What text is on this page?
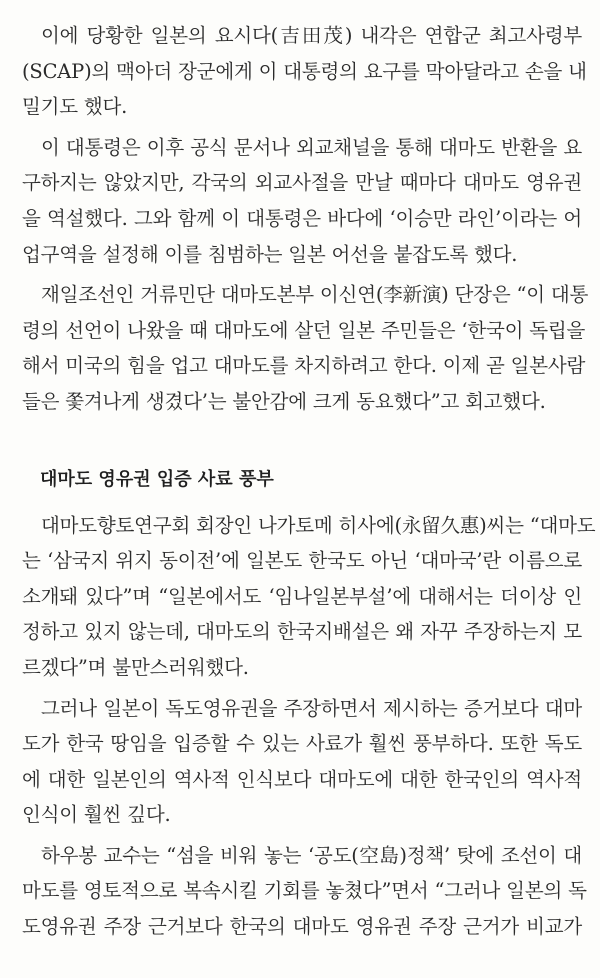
이에 당황한 일본의 요시다(吉田茂) 내각은 연합군 최고사령부
(SCAP)의 맥아더 장군에게 이 대통령의 요구를 막아달라고 손을 내
밀기도 했다.
이 대통령은 이후 공식 문서나 외교채널을 통해 대마도 반환을 요
구하지는 않았지만, 각국의 외교사절을 만날 때마다 대마도 영유권
을 역설했다. 그와 함께 이 대통령은 바다에 ‘이승만 라인’이라는 어
업구역을 설정해 이를 침범하는 일본 어선을 붙잡도록 했다.
재일조선인 거류민단 대마도본부 이신연(李新演) 단장은 “이 대통
령의 선언이 나왔을 때 대마도에 살던 일본 주민들은 ‘한국이 독립을
해서 미국의 힘을 업고 대마도를 차지하려고 한다. 이제 곧 일본사람
들은 쫓겨나게 생겼다’는 불안감에 크게 동요했다”고 회고했다.
대마도 영유권 입증 사료 풍부
대마도향토연구회 회장인 나가토메 히사에(永留久惠)씨는 “대마도
는 ‘삼국지 위지 동이전’에 일본도 한국도 아닌 ‘대마국’란 이름으로
소개돼 있다”며 “일본에서도 ‘임나일본부설’에 대해서는 더이상 인
정하고 있지 않는데, 대마도의 한국지배설은 왜 자꾸 주장하는지 모
르겠다”며 불만스러워했다.
그러나 일본이 독도영유권을 주장하면서 제시하는 증거보다 대마
도가 한국 땅임을 입증할 수 있는 사료가 훨씬 풍부하다. 또한 독도
에 대한 일본인의 역사적 인식보다 대마도에 대한 한국인의 역사적
인식이 훨씬 깊다.
하우봉 교수는 “섬을 비워 놓는 ‘공도(空島)정책’ 탓에 조선이 대
마도를 영토적으로 복속시킬 기회를 놓쳤다”면서 “그러나 일본의 독
도영유권 주장 근거보다 한국의 대마도 영유권 주장 근거가 비교가
